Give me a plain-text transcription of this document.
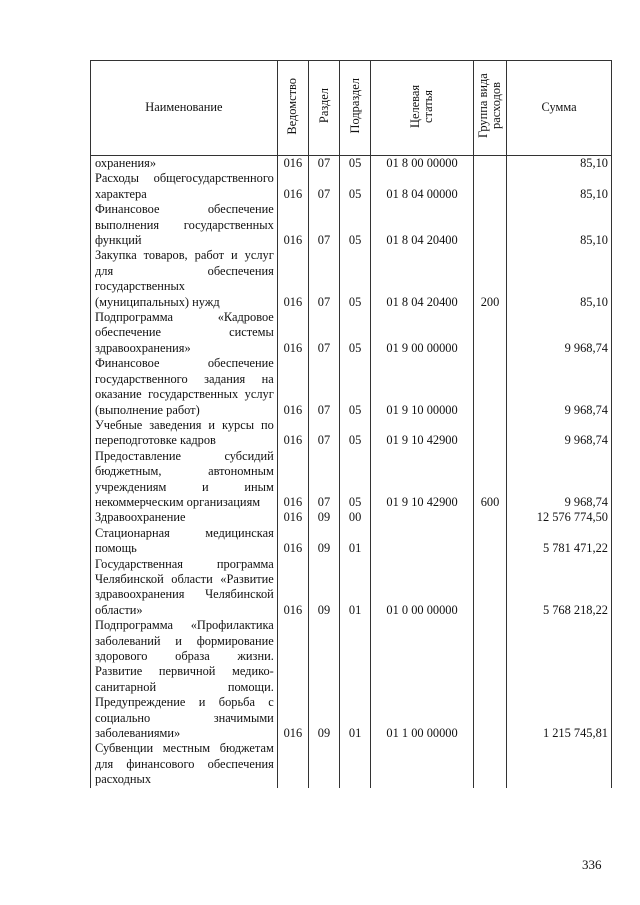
Наименование	Ведомство	Раздел	Подраздел	Целевая статья	Группа вида расходов	Сумма

охранения»	016	07	05	01 8 00 00000		85,10
Расходы общегосударственного характера	016	07	05	01 8 04 00000		85,10
Финансовое обеспечение выполнения государственных функций	016	07	05	01 8 04 20400		85,10
Закупка товаров, работ и услуг для обеспечения государственных (муниципальных) нужд	016	07	05	01 8 04 20400	200	85,10
Подпрограмма «Кадровое обеспечение системы здравоохранения»	016	07	05	01 9 00 00000		9 968,74
Финансовое обеспечение государственного задания на оказание государственных услуг (выполнение работ)	016	07	05	01 9 10 00000		9 968,74
Учебные заведения и курсы по переподготовке кадров	016	07	05	01 9 10 42900		9 968,74
Предоставление субсидий бюджетным, автономным учреждениям и иным некоммерческим организациям	016	07	05	01 9 10 42900	600	9 968,74
Здравоохранение	016	09	00			12 576 774,50
Стационарная медицинская помощь	016	09	01			5 781 471,22
Государственная программа Челябинской области «Развитие здравоохранения Челябинской области»	016	09	01	01 0 00 00000		5 768 218,22
Подпрограмма «Профилактика заболеваний и формирование здорового образа жизни. Развитие первичной медико-санитарной помощи. Предупреждение и борьба с социально значимыми заболеваниями»	016	09	01	01 1 00 00000		1 215 745,81
Субвенции местным бюджетам для финансового обеспечения расходных						
336
